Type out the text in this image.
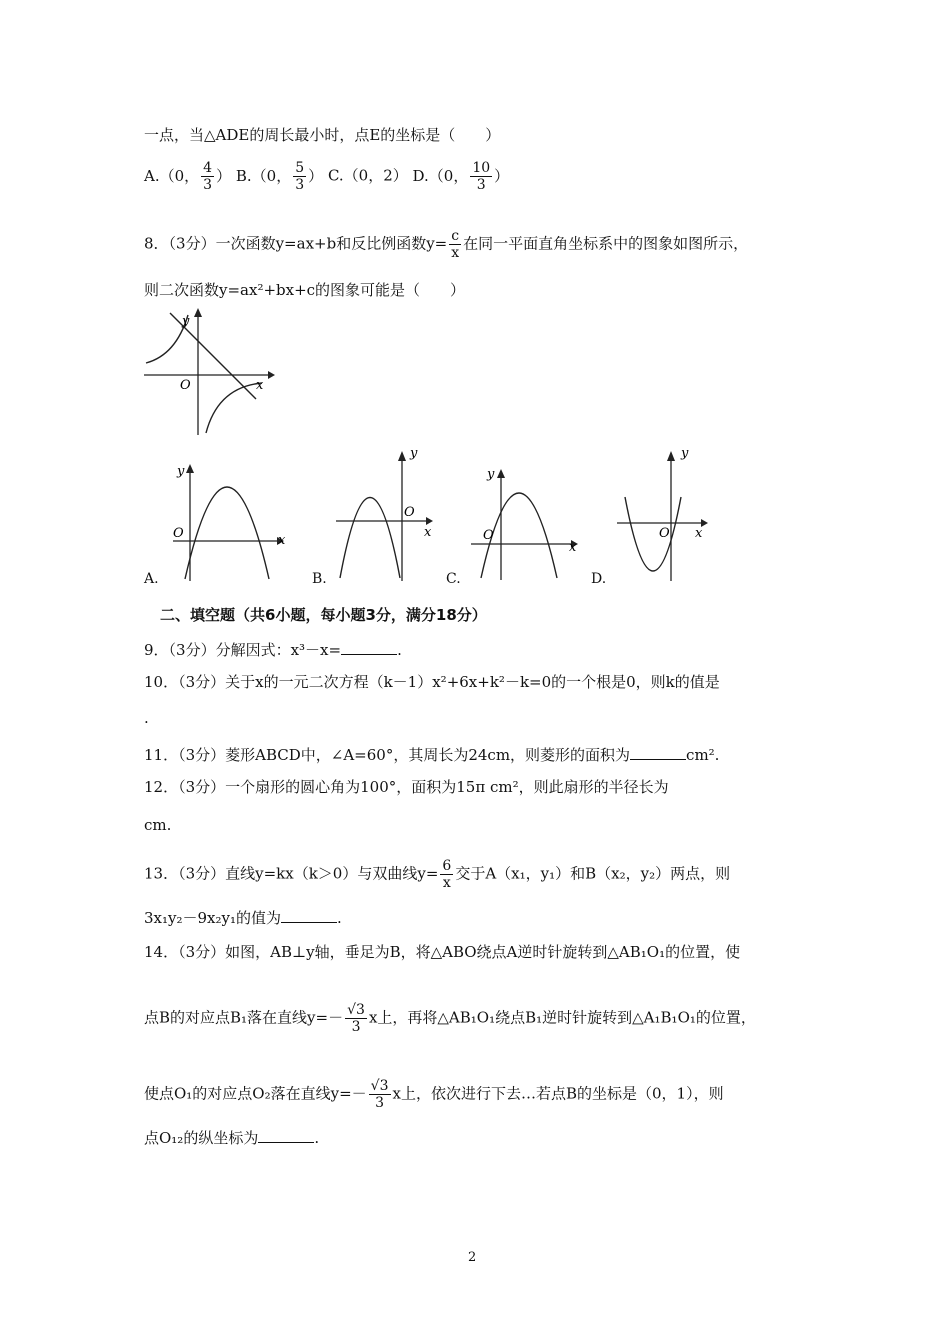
一点，当△ADE的周长最小时，点E的坐标是（　　）
A.（0， $\frac{4}{3}$ ） B.（0， $\frac{5}{3}$ ） C.（0，2） D.（0， $\frac{10}{3}$ ）
8．（3分）一次函数y=ax+b和反比例函数$y= \frac{c}{x}$ 在同一平面直角坐标系中的图象如图所示，
则二次函数y=ax²+bx+c的图象可能是（　　）
y
O	x
y
O	x
y
O
x
y
O
x
y
O x
A.	B.	C.	D.
二、填空题（共6小题，每小题3分，满分18分）
9．（3分）分解因式：x³－x=	.
10．（3分）关于x的一元二次方程（k－1）x²+6x+k²－k=0的一个根是0，则k的值是
.
11．（3分）菱形ABCD中，∠A=60°，其周长为24cm，则菱形的面积为	cm².
12．（3分）一个扇形的圆心角为100°，面积为15π cm²，则此扇形的半径长为
cm.
13．（3分）直线y=kx（k＞0）与双曲线$y= \frac{6}{x}$ 交于A（x₁，y₁）和B（x₂，y₂）两点，则
3x₁y₂－9x₂y₁的值为	.
14．（3分）如图，AB⊥y轴，垂足为B，将△ABO绕点A逆时针旋转到△AB₁O₁的位置，使
点B的对应点B₁落在直线$y=- \frac{√3}{3}$ x上，再将△AB₁O₁绕点B₁逆时针旋转到△A₁B₁O₁的位置，
使点O₁的对应点O₂落在直线$y=- \frac{√3}{3}$ x上，依次进行下去…若点B的坐标是（0，1），则
点O₁₂的纵坐标为	.
2
